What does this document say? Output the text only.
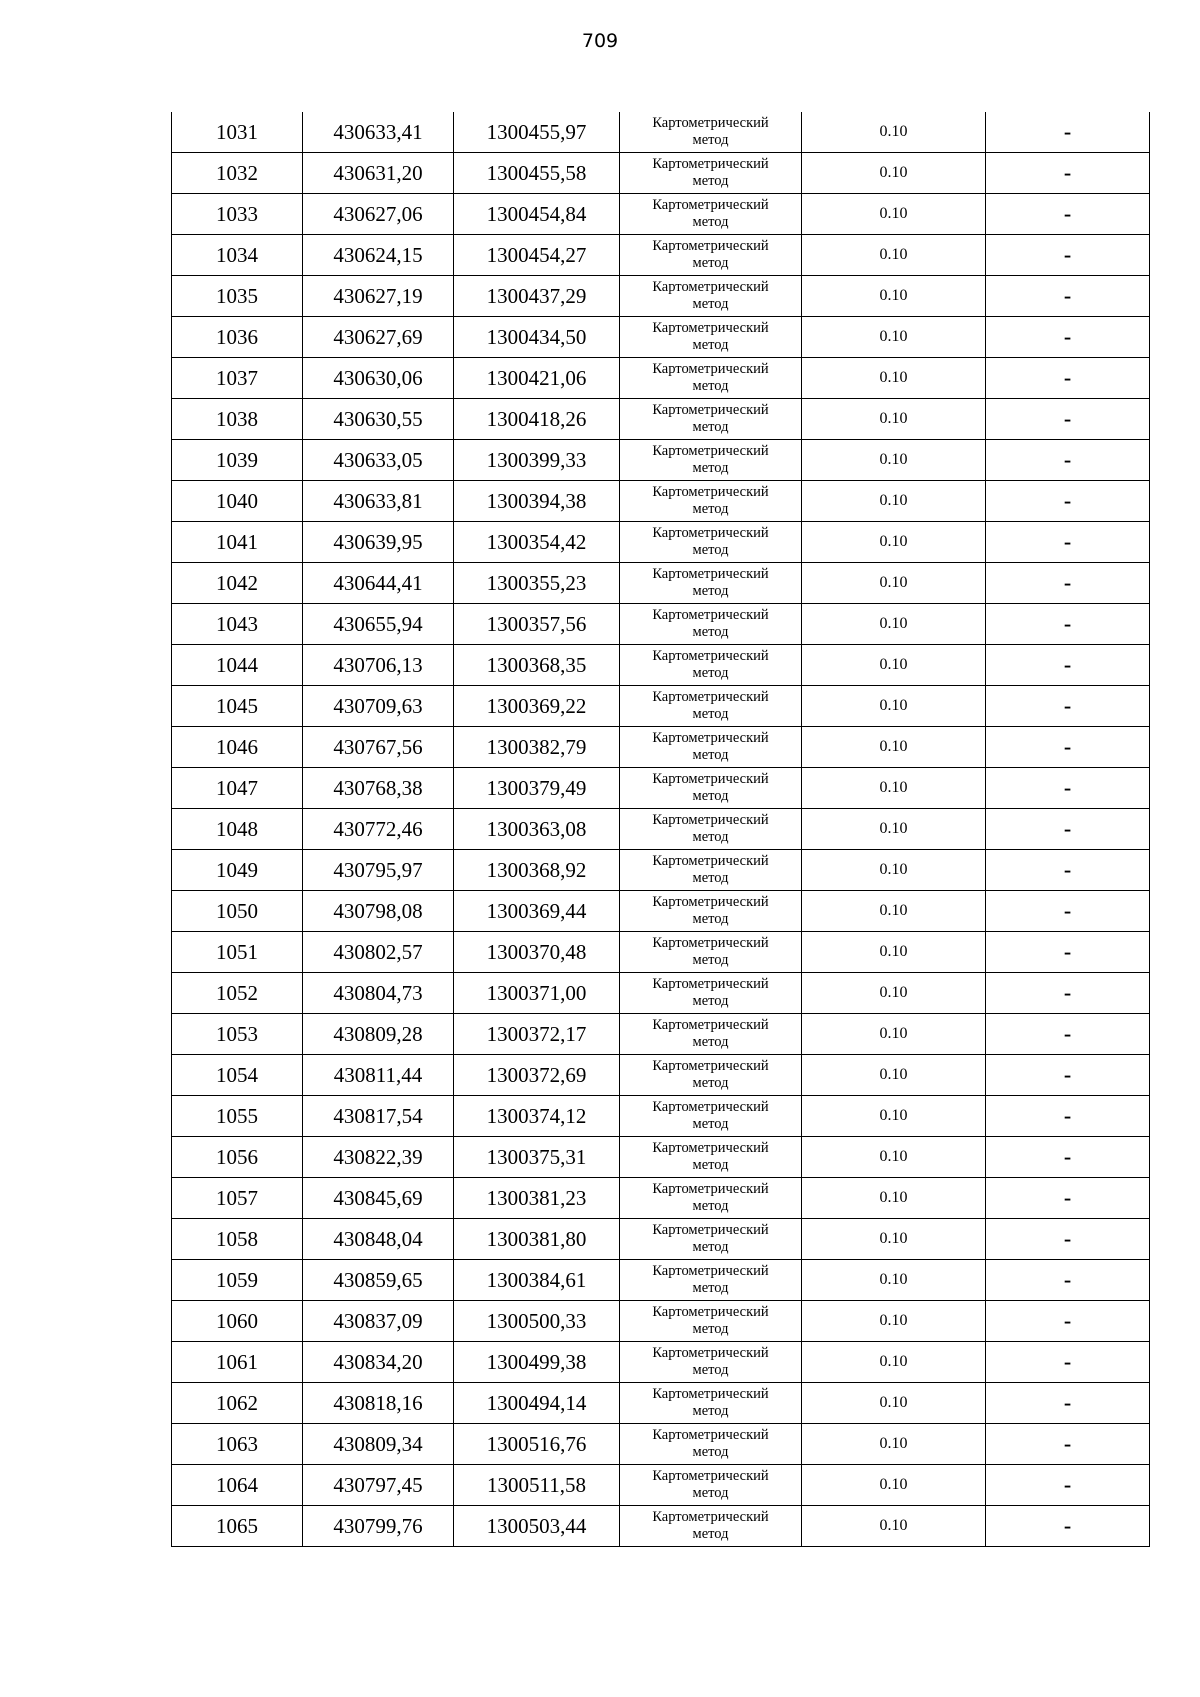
709
1031	430633,41	1300455,97	Картометрический
метод	0.10	-
1032	430631,20	1300455,58	Картометрический
метод	0.10	-
1033	430627,06	1300454,84	Картометрический
метод	0.10	-
1034	430624,15	1300454,27	Картометрический
метод	0.10	-
1035	430627,19	1300437,29	Картометрический
метод	0.10	-
1036	430627,69	1300434,50	Картометрический
метод	0.10	-
1037	430630,06	1300421,06	Картометрический
метод	0.10	-
1038	430630,55	1300418,26	Картометрический
метод	0.10	-
1039	430633,05	1300399,33	Картометрический
метод	0.10	-
1040	430633,81	1300394,38	Картометрический
метод	0.10	-
1041	430639,95	1300354,42	Картометрический
метод	0.10	-
1042	430644,41	1300355,23	Картометрический
метод	0.10	-
1043	430655,94	1300357,56	Картометрический
метод	0.10	-
1044	430706,13	1300368,35	Картометрический
метод	0.10	-
1045	430709,63	1300369,22	Картометрический
метод	0.10	-
1046	430767,56	1300382,79	Картометрический
метод	0.10	-
1047	430768,38	1300379,49	Картометрический
метод	0.10	-
1048	430772,46	1300363,08	Картометрический
метод	0.10	-
1049	430795,97	1300368,92	Картометрический
метод	0.10	-
1050	430798,08	1300369,44	Картометрический
метод	0.10	-
1051	430802,57	1300370,48	Картометрический
метод	0.10	-
1052	430804,73	1300371,00	Картометрический
метод	0.10	-
1053	430809,28	1300372,17	Картометрический
метод	0.10	-
1054	430811,44	1300372,69	Картометрический
метод	0.10	-
1055	430817,54	1300374,12	Картометрический
метод	0.10	-
1056	430822,39	1300375,31	Картометрический
метод	0.10	-
1057	430845,69	1300381,23	Картометрический
метод	0.10	-
1058	430848,04	1300381,80	Картометрический
метод	0.10	-
1059	430859,65	1300384,61	Картометрический
метод	0.10	-
1060	430837,09	1300500,33	Картометрический
метод	0.10	-
1061	430834,20	1300499,38	Картометрический
метод	0.10	-
1062	430818,16	1300494,14	Картометрический
метод	0.10	-
1063	430809,34	1300516,76	Картометрический
метод	0.10	-
1064	430797,45	1300511,58	Картометрический
метод	0.10	-
1065	430799,76	1300503,44	Картометрический
метод	0.10	-
